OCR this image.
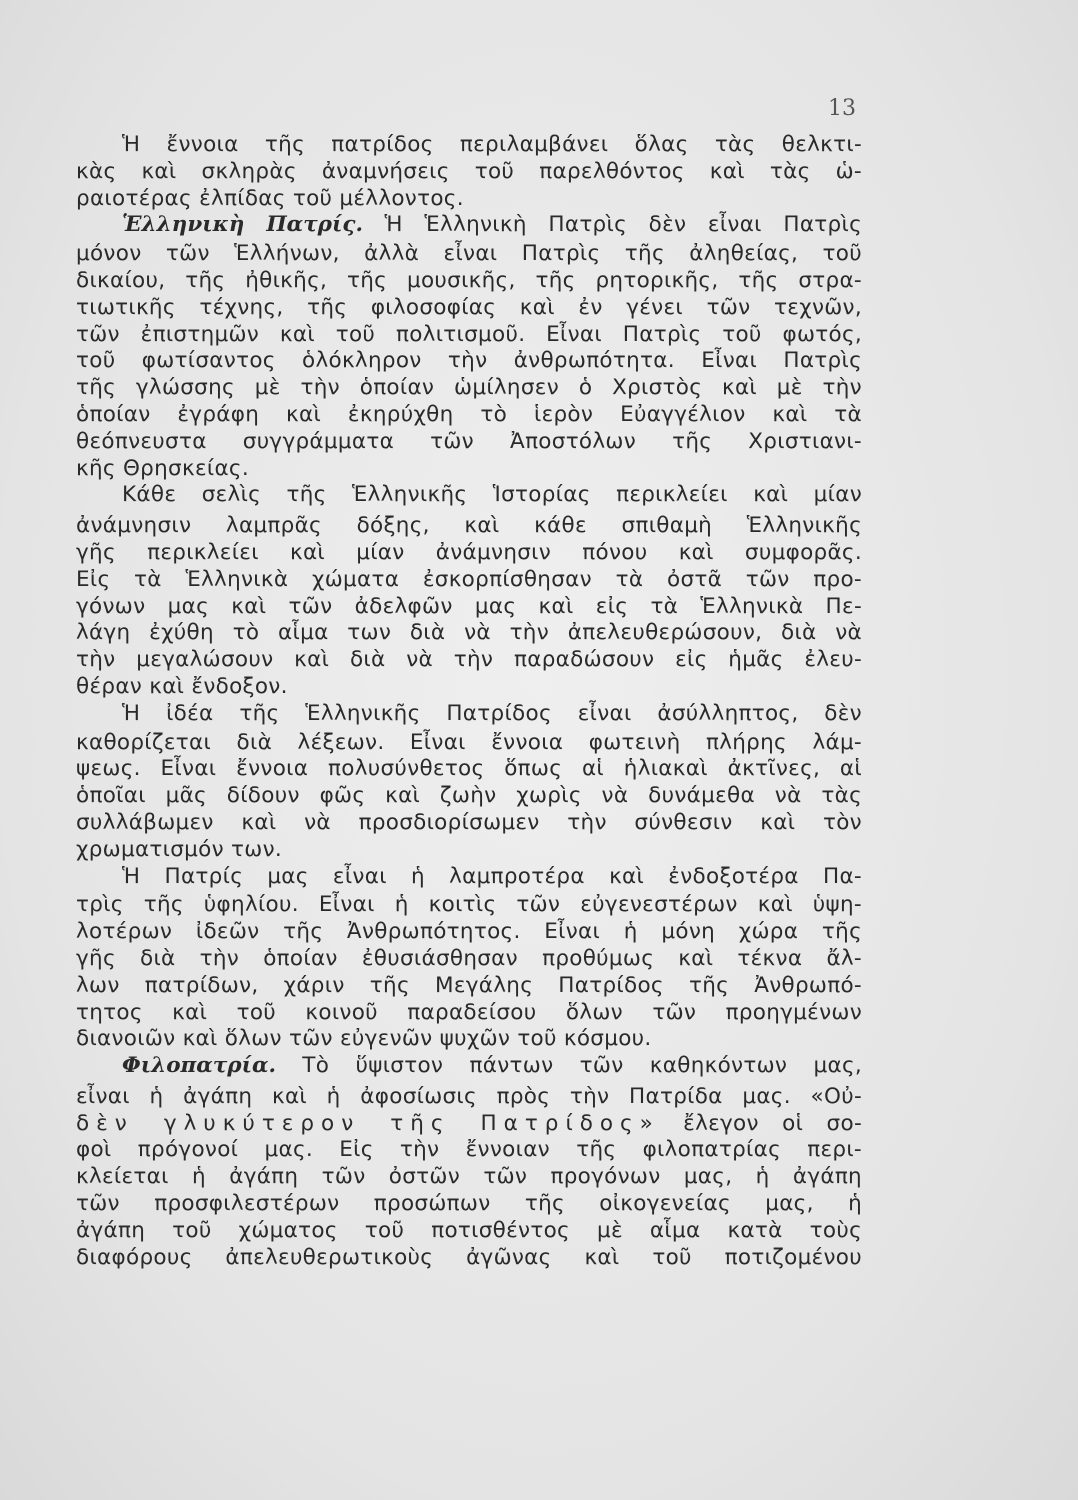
13
Ἡ ἔννοια τῆς πατρίδος περιλαμβάνει ὅλας τὰς θελκτι-
κὰς καὶ σκληρὰς ἀναμνήσεις τοῦ παρελθόντος καὶ τὰς ὡ-
ραιοτέρας ἐλπίδας τοῦ μέλλοντος.
Ἑλληνικὴ Πατρίς. Ἡ Ἑλληνικὴ Πατρὶς δὲν εἶναι Πατρὶς
μόνον τῶν Ἑλλήνων, ἀλλὰ εἶναι Πατρὶς τῆς ἀληθείας, τοῦ
δικαίου, τῆς ἠθικῆς, τῆς μουσικῆς, τῆς ρητορικῆς, τῆς στρα-
τιωτικῆς τέχνης, τῆς φιλοσοφίας καὶ ἐν γένει τῶν τεχνῶν,
τῶν ἐπιστημῶν καὶ τοῦ πολιτισμοῦ. Εἶναι Πατρὶς τοῦ φωτός,
τοῦ φωτίσαντος ὁλόκληρον τὴν ἀνθρωπότητα. Εἶναι Πατρὶς
τῆς γλώσσης μὲ τὴν ὁποίαν ὡμίλησεν ὁ Χριστὸς καὶ μὲ τὴν
ὁποίαν ἐγράφη καὶ ἐκηρύχθη τὸ ἱερὸν Εὐαγγέλιον καὶ τὰ
θεόπνευστα συγγράμματα τῶν Ἀποστόλων τῆς Χριστιανι-
κῆς Θρησκείας.
Κάθε σελὶς τῆς Ἑλληνικῆς Ἱστορίας περικλείει καὶ μίαν
ἀνάμνησιν λαμπρᾶς δόξης, καὶ κάθε σπιθαμὴ Ἑλληνικῆς
γῆς περικλείει καὶ μίαν ἀνάμνησιν πόνου καὶ συμφορᾶς.
Εἰς τὰ Ἑλληνικὰ χώματα ἐσκορπίσθησαν τὰ ὀστᾶ τῶν προ-
γόνων μας καὶ τῶν ἀδελφῶν μας καὶ εἰς τὰ Ἑλληνικὰ Πε-
λάγη ἐχύθη τὸ αἷμα των διὰ νὰ τὴν ἀπελευθερώσουν, διὰ νὰ
τὴν μεγαλώσουν καὶ διὰ νὰ τὴν παραδώσουν εἰς ἡμᾶς ἐλευ-
θέραν καὶ ἔνδοξον.
Ἡ ἰδέα τῆς Ἑλληνικῆς Πατρίδος εἶναι ἀσύλληπτος, δὲν
καθορίζεται διὰ λέξεων. Εἶναι ἔννοια φωτεινὴ πλήρης λάμ-
ψεως. Εἶναι ἔννοια πολυσύνθετος ὅπως αἱ ἡλιακαὶ ἀκτῖνες, αἱ
ὁποῖαι μᾶς δίδουν φῶς καὶ ζωὴν χωρὶς νὰ δυνάμεθα νὰ τὰς
συλλάβωμεν καὶ νὰ προσδιορίσωμεν τὴν σύνθεσιν καὶ τὸν
χρωματισμόν των.
Ἡ Πατρίς μας εἶναι ἡ λαμπροτέρα καὶ ἐνδοξοτέρα Πα-
τρὶς τῆς ὑφηλίου. Εἶναι ἡ κοιτὶς τῶν εὐγενεστέρων καὶ ὑψη-
λοτέρων ἰδεῶν τῆς Ἀνθρωπότητος. Εἶναι ἡ μόνη χώρα τῆς
γῆς διὰ τὴν ὁποίαν ἐθυσιάσθησαν προθύμως καὶ τέκνα ἄλ-
λων πατρίδων, χάριν τῆς Μεγάλης Πατρίδος τῆς Ἀνθρωπό-
τητος καὶ τοῦ κοινοῦ παραδείσου ὅλων τῶν προηγμένων
διανοιῶν καὶ ὅλων τῶν εὐγενῶν ψυχῶν τοῦ κόσμου.
Φιλοπατρία. Τὸ ὕψιστον πάντων τῶν καθηκόντων μας,
εἶναι ἡ ἀγάπη καὶ ἡ ἀφοσίωσις πρὸς τὴν Πατρίδα μας. «Οὐ-
δὲν γλυκύτερον τῆς Πατρίδος» ἔλεγον οἱ σο-
φοὶ πρόγονοί μας. Εἰς τὴν ἔννοιαν τῆς φιλοπατρίας περι-
κλείεται ἡ ἀγάπη τῶν ὀστῶν τῶν προγόνων μας, ἡ ἀγάπη
τῶν προσφιλεστέρων προσώπων τῆς οἰκογενείας μας, ἡ
ἀγάπη τοῦ χώματος τοῦ ποτισθέντος μὲ αἷμα κατὰ τοὺς
διαφόρους ἀπελευθερωτικοὺς ἀγῶνας καὶ τοῦ ποτιζομένου
